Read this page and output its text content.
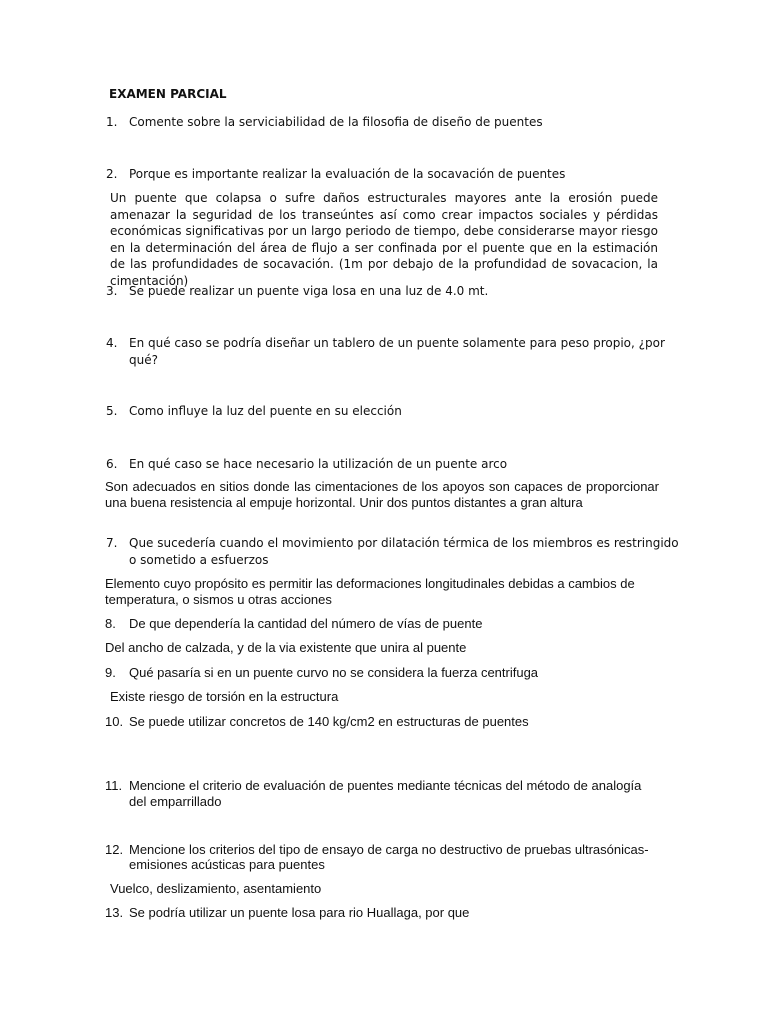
EXAMEN PARCIAL
1. Comente sobre la serviciabilidad de la filosofia de diseño de puentes
2. Porque es importante realizar la evaluación de la socavación de puentes
Un puente que colapsa o sufre daños estructurales mayores ante la erosión puede amenazar la seguridad de los transeúntes así como crear impactos sociales y pérdidas económicas significativas por un largo periodo de tiempo, debe considerarse mayor riesgo en la determinación del área de flujo a ser confinada por el puente que en la estimación de las profundidades de socavación. (1m por debajo de la profundidad de sovacacion, la cimentación)
3. Se puede realizar un puente viga losa en una luz de 4.0 mt.
4. En qué caso se podría diseñar un tablero de un puente solamente para peso propio, ¿por
qué?
5. Como influye la luz del puente en su elección
6. En qué caso se hace necesario la utilización de un puente arco
Son adecuados en sitios donde las cimentaciones de los apoyos son capaces de proporcionar una buena resistencia al empuje horizontal. Unir dos puntos distantes a gran altura
7. Que sucedería cuando el movimiento por dilatación térmica de los miembros es restringido
o sometido a esfuerzos
Elemento cuyo propósito es permitir las deformaciones longitudinales debidas a cambios de temperatura, o sismos u otras acciones
8. De que dependería la cantidad del número de vías de puente
Del ancho de calzada, y de la via existente que unira al puente
9. Qué pasaría si en un puente curvo no se considera la fuerza centrifuga
Existe riesgo de torsión en la estructura
10. Se puede utilizar concretos de 140 kg/cm2 en estructuras de puentes
11. Mencione el criterio de evaluación de puentes mediante técnicas del método de analogía
del emparrillado
12. Mencione los criterios del tipo de ensayo de carga no destructivo de pruebas ultrasónicas-
emisiones acústicas para puentes
Vuelco, deslizamiento, asentamiento
13. Se podría utilizar un puente losa para rio Huallaga, por que
